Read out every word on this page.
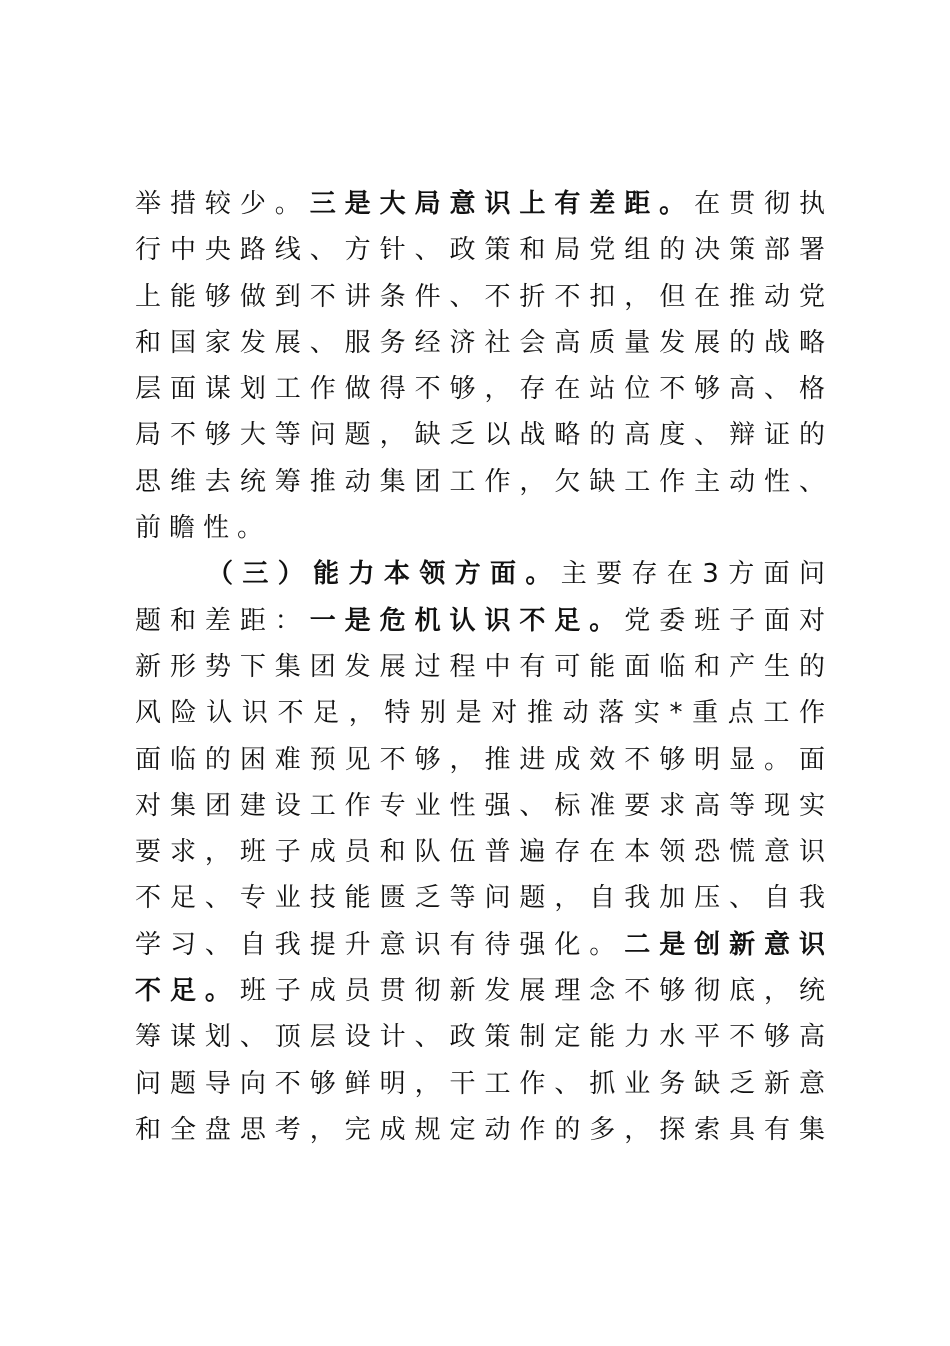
举措较少。三是大局意识上有差距。在贯彻执
行中央路线、方针、政策和局党组的决策部署
上能够做到不讲条件、不折不扣，但在推动党
和国家发展、服务经济社会高质量发展的战略
层面谋划工作做得不够，存在站位不够高、格
局不够大等问题，缺乏以战略的高度、辩证的
思维去统筹推动集团工作，欠缺工作主动性、
前瞻性。
（三）能力本领方面。主要存在3方面问
题和差距：一是危机认识不足。党委班子面对
新形势下集团发展过程中有可能面临和产生的
风险认识不足，特别是对推动落实*重点工作
面临的困难预见不够，推进成效不够明显。面
对集团建设工作专业性强、标准要求高等现实
要求，班子成员和队伍普遍存在本领恐慌意识
不足、专业技能匮乏等问题，自我加压、自我
学习、自我提升意识有待强化。二是创新意识
不足。班子成员贯彻新发展理念不够彻底，统
筹谋划、顶层设计、政策制定能力水平不够高
问题导向不够鲜明，干工作、抓业务缺乏新意
和全盘思考，完成规定动作的多，探索具有集
